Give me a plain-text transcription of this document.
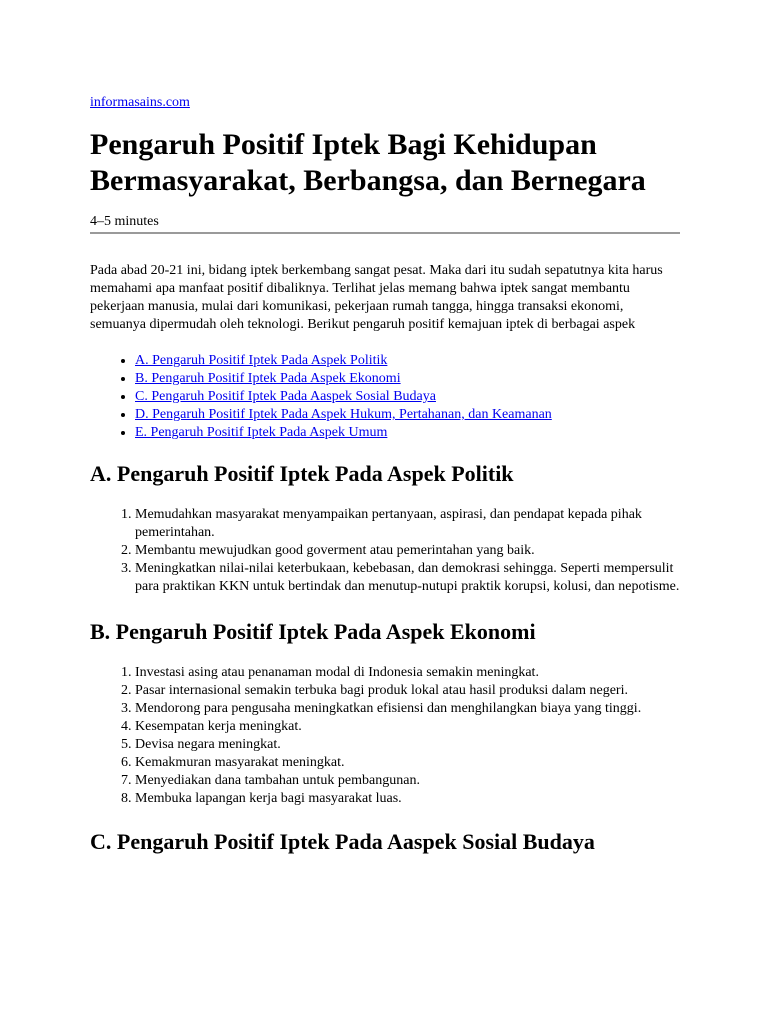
informasains.com
Pengaruh Positif Iptek Bagi Kehidupan Bermasyarakat, Berbangsa, dan Bernegara
4–5 minutes

Pada abad 20-21 ini, bidang iptek berkembang sangat pesat. Maka dari itu sudah sepatutnya kita harus memahami apa manfaat positif dibaliknya. Terlihat jelas memang bahwa iptek sangat membantu pekerjaan manusia, mulai dari komunikasi, pekerjaan rumah tangga, hingga transaksi ekonomi, semuanya dipermudah oleh teknologi. Berikut pengaruh positif kemajuan iptek di berbagai aspek

• A. Pengaruh Positif Iptek Pada Aspek Politik
• B. Pengaruh Positif Iptek Pada Aspek Ekonomi
• C. Pengaruh Positif Iptek Pada Aaspek Sosial Budaya
• D. Pengaruh Positif Iptek Pada Aspek Hukum, Pertahanan, dan Keamanan
• E. Pengaruh Positif Iptek Pada Aspek Umum
A. Pengaruh Positif Iptek Pada Aspek Politik
1. Memudahkan masyarakat menyampaikan pertanyaan, aspirasi, dan pendapat kepada pihak pemerintahan.
2. Membantu mewujudkan good goverment atau pemerintahan yang baik.
3. Meningkatkan nilai-nilai keterbukaan, kebebasan, dan demokrasi sehingga. Seperti mempersulit para praktikan KKN untuk bertindak dan menutup-nutupi praktik korupsi, kolusi, dan nepotisme.
B. Pengaruh Positif Iptek Pada Aspek Ekonomi
1. Investasi asing atau penanaman modal di Indonesia semakin meningkat.
2. Pasar internasional semakin terbuka bagi produk lokal atau hasil produksi dalam negeri.
3. Mendorong para pengusaha meningkatkan efisiensi dan menghilangkan biaya yang tinggi.
4. Kesempatan kerja meningkat.
5. Devisa negara meningkat.
6. Kemakmuran masyarakat meningkat.
7. Menyediakan dana tambahan untuk pembangunan.
8. Membuka lapangan kerja bagi masyarakat luas.
C. Pengaruh Positif Iptek Pada Aaspek Sosial Budaya
